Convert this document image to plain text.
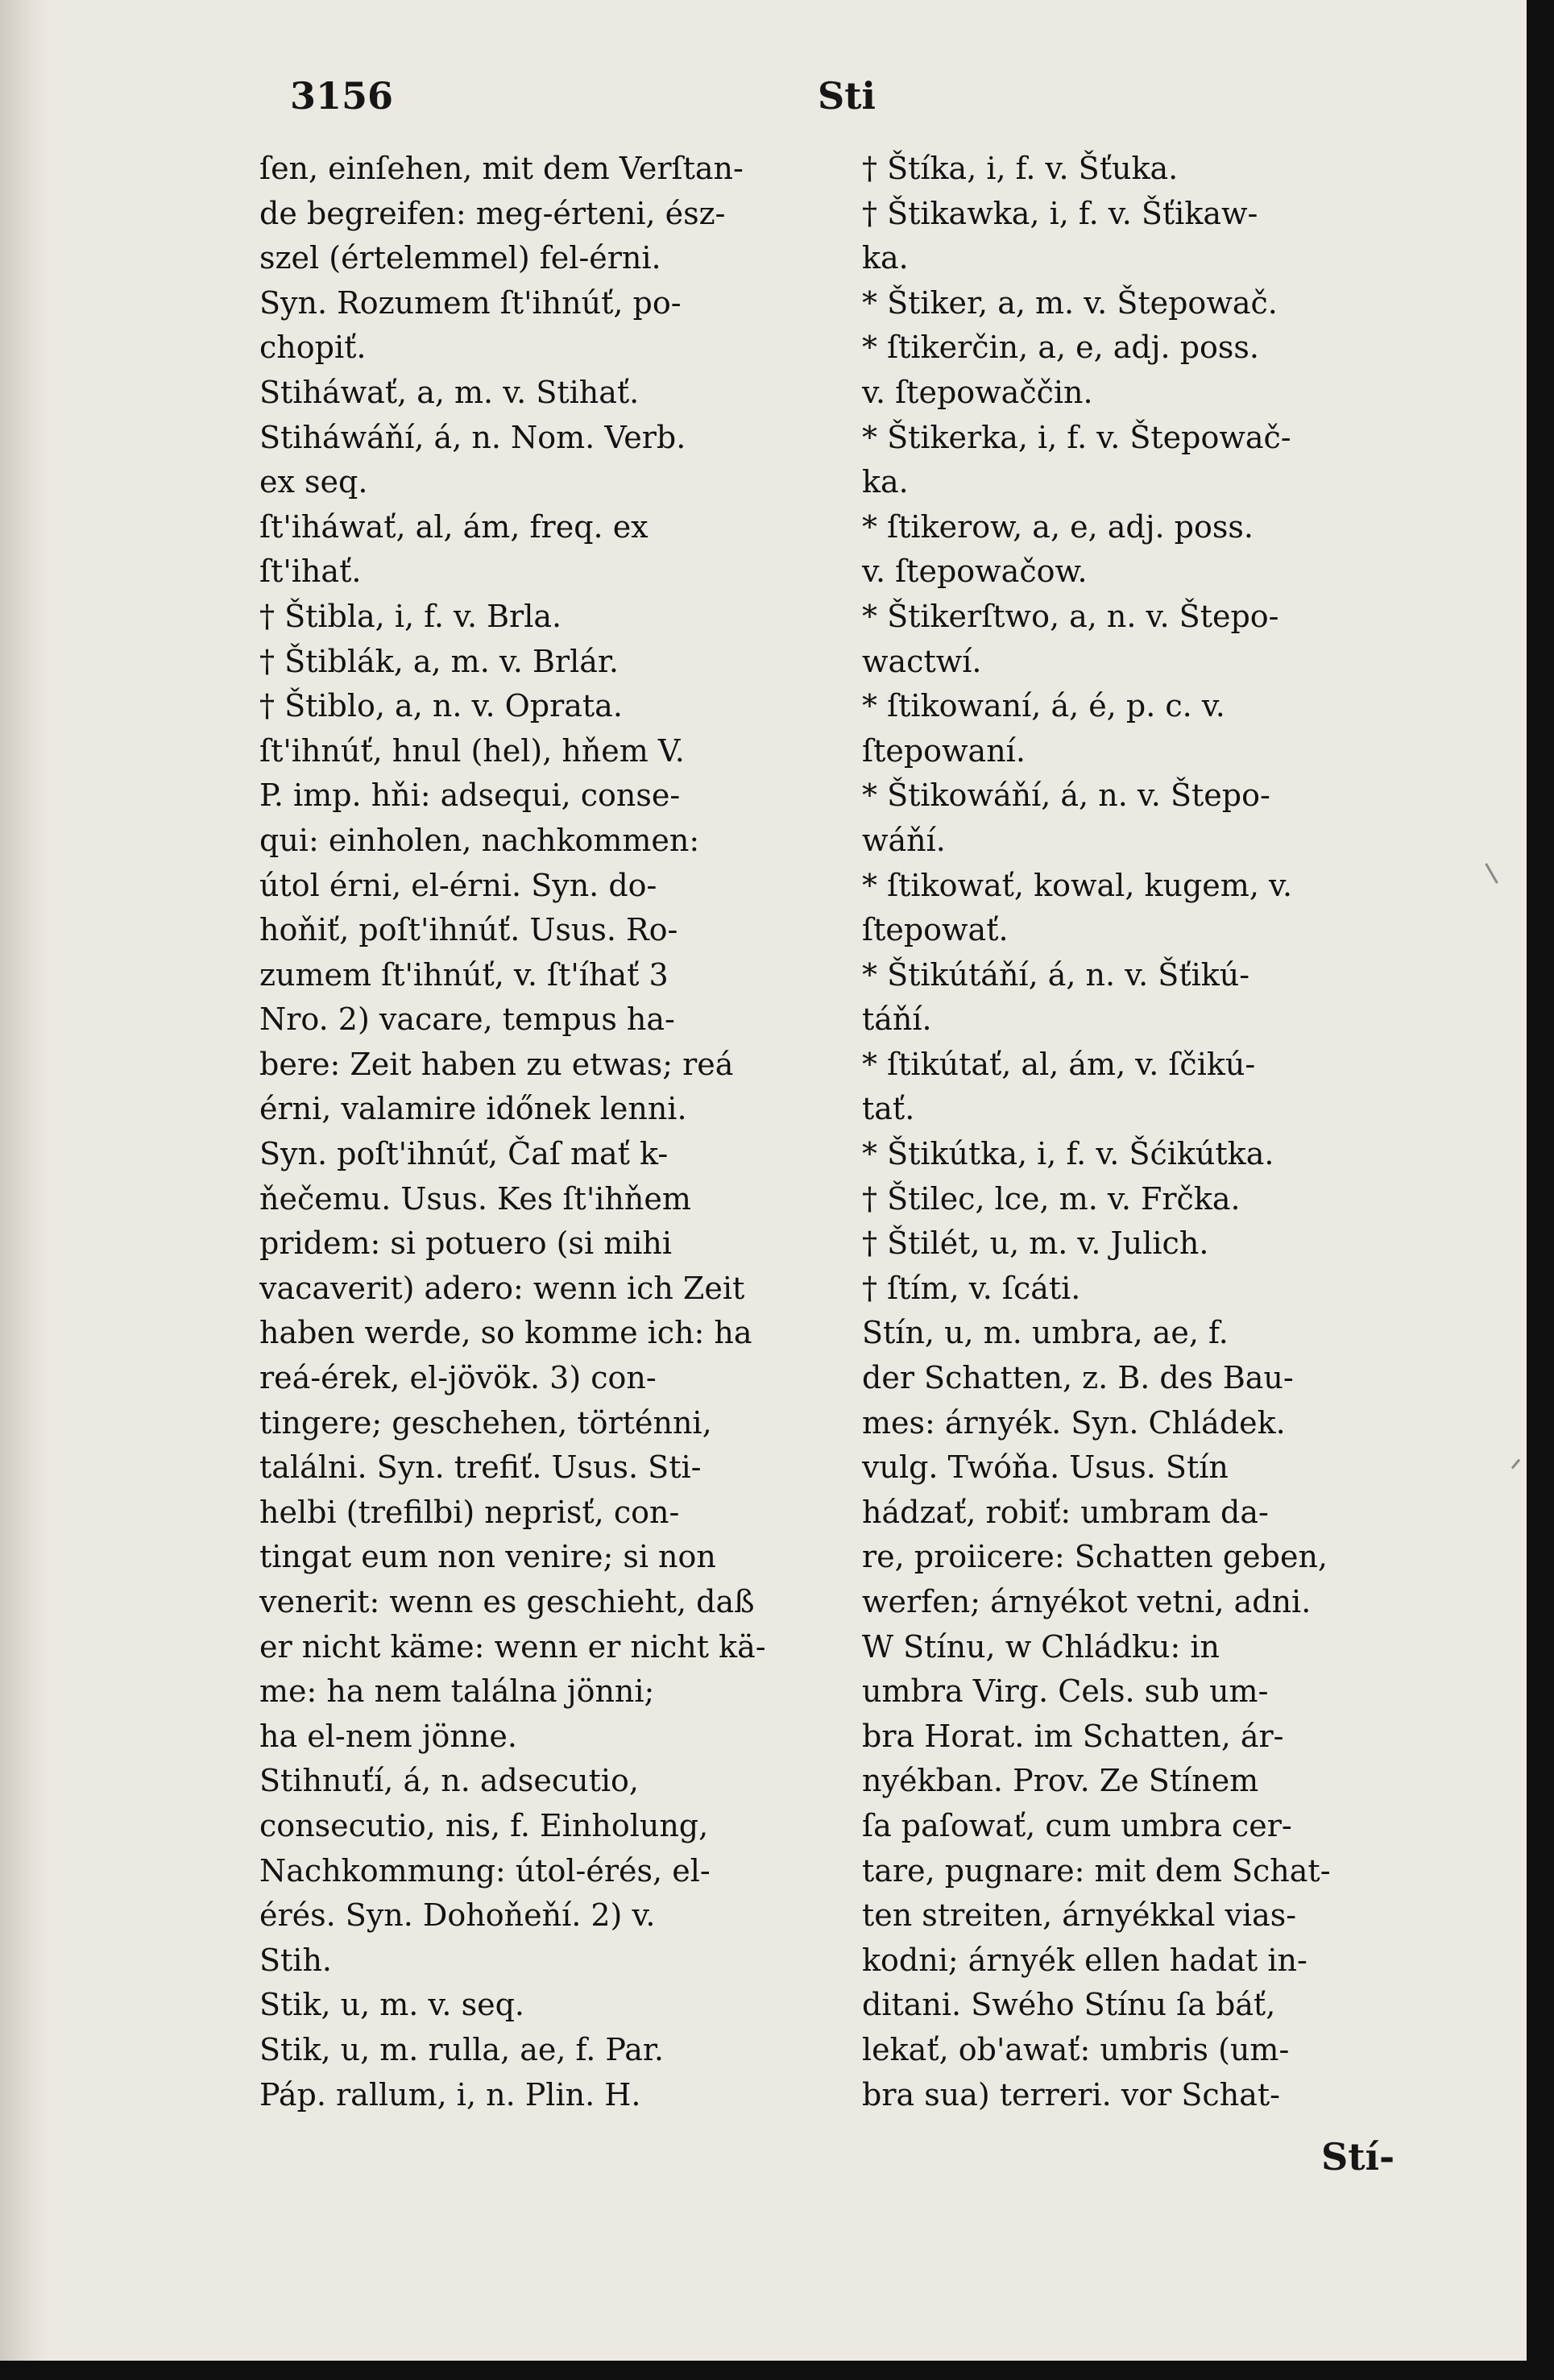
3156	Sti
ſen, einſehen, mit dem Verſtan-
de begreifen: meg-érteni, ész-
szel (értelemmel) fel-érni.
Syn. Rozumem ſt'ihnúť, po-
chopiť.
Stiháwať, a, m. v. Stihať.
Stiháwáňí, á, n. Nom. Verb.
ex seq.
ſt'iháwať, al, ám, freq. ex
ſt'ihať.
† Štibla, i, f. v. Brla.
† Štiblák, a, m. v. Brlár.
† Štiblo, a, n. v. Oprata.
ſt'ihnúť, hnul (hel), hňem V.
P. imp. hňi: adsequi, conse-
qui: einholen, nachkommen:
útol érni, el-érni. Syn. do-
hoňiť, poſt'ihnúť. Usus. Ro-
zumem ſt'ihnúť, v. ſt'íhať 3
Nro. 2) vacare, tempus ha-
bere: Zeit haben zu etwas; reá
érni, valamire időnek lenni.
Syn. poſt'ihnúť, Čaſ mať k-
ňečemu. Usus. Kes ſt'ihňem
pridem: si potuero (si mihi
vacaverit) adero: wenn ich Zeit
haben werde, so komme ich: ha
reá-érek, el-jövök. 3) con-
tingere; geschehen, történni,
találni. Syn. trefiť. Usus. Sti-
helbi (trefilbi) neprisť, con-
tingat eum non venire; si non
venerit: wenn es geschieht, daß
er nicht käme: wenn er nicht kä-
me: ha nem találna jönni;
ha el-nem jönne.
Stihnuťí, á, n. adsecutio,
consecutio, nis, f. Einholung,
Nachkommung: útol-érés, el-
érés. Syn. Dohoňeňí. 2) v.
Stih.
Stik, u, m. v. seq.
Stik, u, m. rulla, ae, f. Par.
Páp. rallum, i, n. Plin. H.
† Štíka, i, f. v. Šťuka.
† Štikawka, i, f. v. Šťikaw-
ka.
* Štiker, a, m. v. Štepowač.
* ſtikerčin, a, e, adj. poss.
v. ſtepowaččin.
* Štikerka, i, f. v. Štepowač-
ka.
* ſtikerow, a, e, adj. poss.
v. ſtepowačow.
* Štikerſtwo, a, n. v. Štepo-
wactwí.
* ſtikowaní, á, é, p. c. v.
ſtepowaní.
* Štikowáňí, á, n. v. Štepo-
wáňí.
* ſtikowať, kowal, kugem, v.
ſtepowať.
* Štikútáňí, á, n. v. Šťikú-
táňí.
* ſtikútať, al, ám, v. ſčikú-
tať.
* Štikútka, i, f. v. Šćikútka.
† Štilec, lce, m. v. Frčka.
† Štilét, u, m. v. Julich.
† ſtím, v. ſcáti.
Stín, u, m. umbra, ae, f.
der Schatten, z. B. des Bau-
mes: árnyék. Syn. Chládek.
vulg. Twóňa. Usus. Stín
hádzať, robiť: umbram da-
re, proiicere: Schatten geben,
werfen; árnyékot vetni, adni.
W Stínu, w Chládku: in
umbra Virg. Cels. sub um-
bra Horat. im Schatten, ár-
nyékban. Prov. Ze Stínem
ſa paſowať, cum umbra cer-
tare, pugnare: mit dem Schat-
ten streiten, árnyékkal vias-
kodni; árnyék ellen hadat in-
ditani. Swého Stínu ſa báť,
lekať, ob'awať: umbris (um-
bra sua) terreri. vor Schat-
Stí-
